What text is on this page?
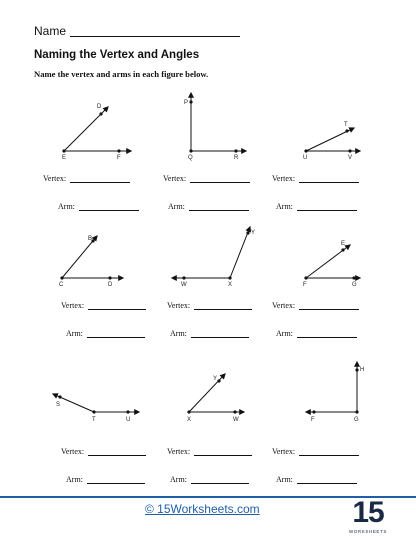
Name
Naming the Vertex and Angles
Name the vertex and arms in each figure below.
D
E	F
P
Q	R
T
U	V
B
C	D
Y
W	X
E
F	G
S
T	U
Y
X	W
H
F	G
Vertex:
Arm:
Vertex:
Arm:
Vertex:
Arm:
Vertex:
Arm:
Vertex:
Arm:
Vertex:
Arm:
Vertex:
Arm:
Vertex:
Arm:
Vertex:
Arm:
© 15Worksheets.com	15
WORKSHEETS
